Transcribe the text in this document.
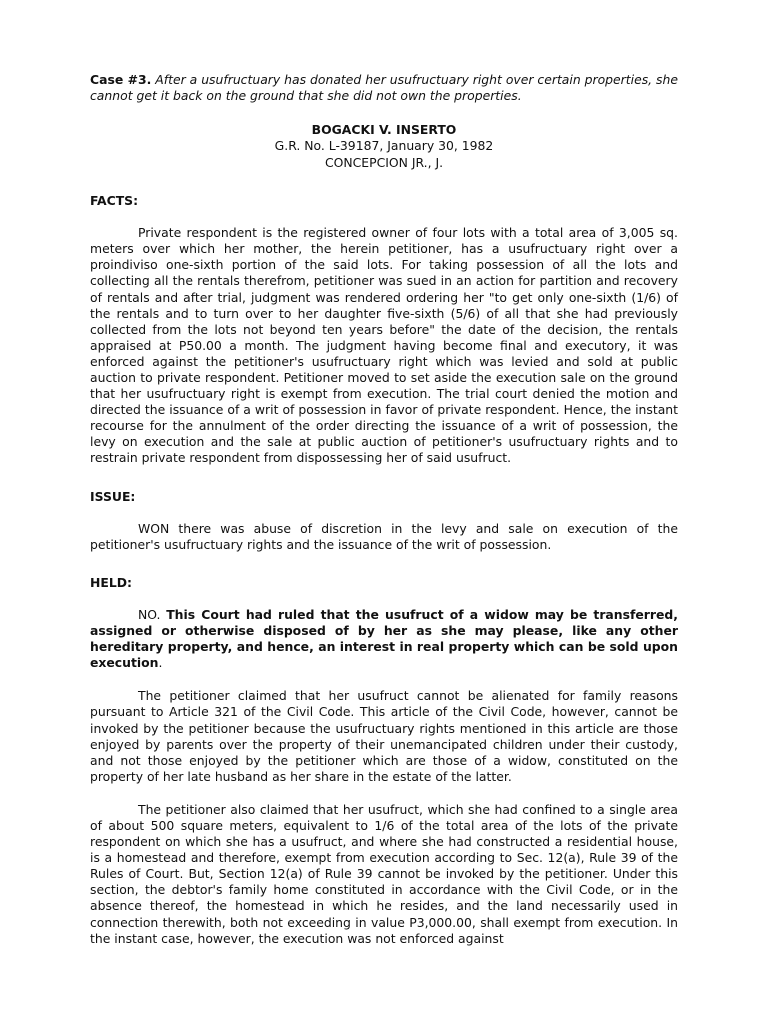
Case #3. After a usufructuary has donated her usufructuary right over certain properties, she cannot get it back on the ground that she did not own the properties.

BOGACKI V. INSERTO
G.R. No. L-39187, January 30, 1982
CONCEPCION JR., J.

FACTS:

Private respondent is the registered owner of four lots with a total area of 3,005 sq. meters over which her mother, the herein petitioner, has a usufructuary right over a proindiviso one-sixth portion of the said lots. For taking possession of all the lots and collecting all the rentals therefrom, petitioner was sued in an action for partition and recovery of rentals and after trial, judgment was rendered ordering her "to get only one-sixth (1/6) of the rentals and to turn over to her daughter five-sixth (5/6) of all that she had previously collected from the lots not beyond ten years before" the date of the decision, the rentals appraised at P50.00 a month. The judgment having become final and executory, it was enforced against the petitioner's usufructuary right which was levied and sold at public auction to private respondent. Petitioner moved to set aside the execution sale on the ground that her usufructuary right is exempt from execution. The trial court denied the motion and directed the issuance of a writ of possession in favor of private respondent. Hence, the instant recourse for the annulment of the order directing the issuance of a writ of possession, the levy on execution and the sale at public auction of petitioner's usufructuary rights and to restrain private respondent from dispossessing her of said usufruct.

ISSUE:

WON there was abuse of discretion in the levy and sale on execution of the petitioner's usufructuary rights and the issuance of the writ of possession.

HELD:

NO. This Court had ruled that the usufruct of a widow may be transferred, assigned or otherwise disposed of by her as she may please, like any other hereditary property, and hence, an interest in real property which can be sold upon execution.

The petitioner claimed that her usufruct cannot be alienated for family reasons pursuant to Article 321 of the Civil Code. This article of the Civil Code, however, cannot be invoked by the petitioner because the usufructuary rights mentioned in this article are those enjoyed by parents over the property of their unemancipated children under their custody, and not those enjoyed by the petitioner which are those of a widow, constituted on the property of her late husband as her share in the estate of the latter.

The petitioner also claimed that her usufruct, which she had confined to a single area of about 500 square meters, equivalent to 1/6 of the total area of the lots of the private respondent on which she has a usufruct, and where she had constructed a residential house, is a homestead and therefore, exempt from execution according to Sec. 12(a), Rule 39 of the Rules of Court. But, Section 12(a) of Rule 39 cannot be invoked by the petitioner. Under this section, the debtor's family home constituted in accordance with the Civil Code, or in the absence thereof, the homestead in which he resides, and the land necessarily used in connection therewith, both not exceeding in value P3,000.00, shall exempt from execution. In the instant case, however, the execution was not enforced against
